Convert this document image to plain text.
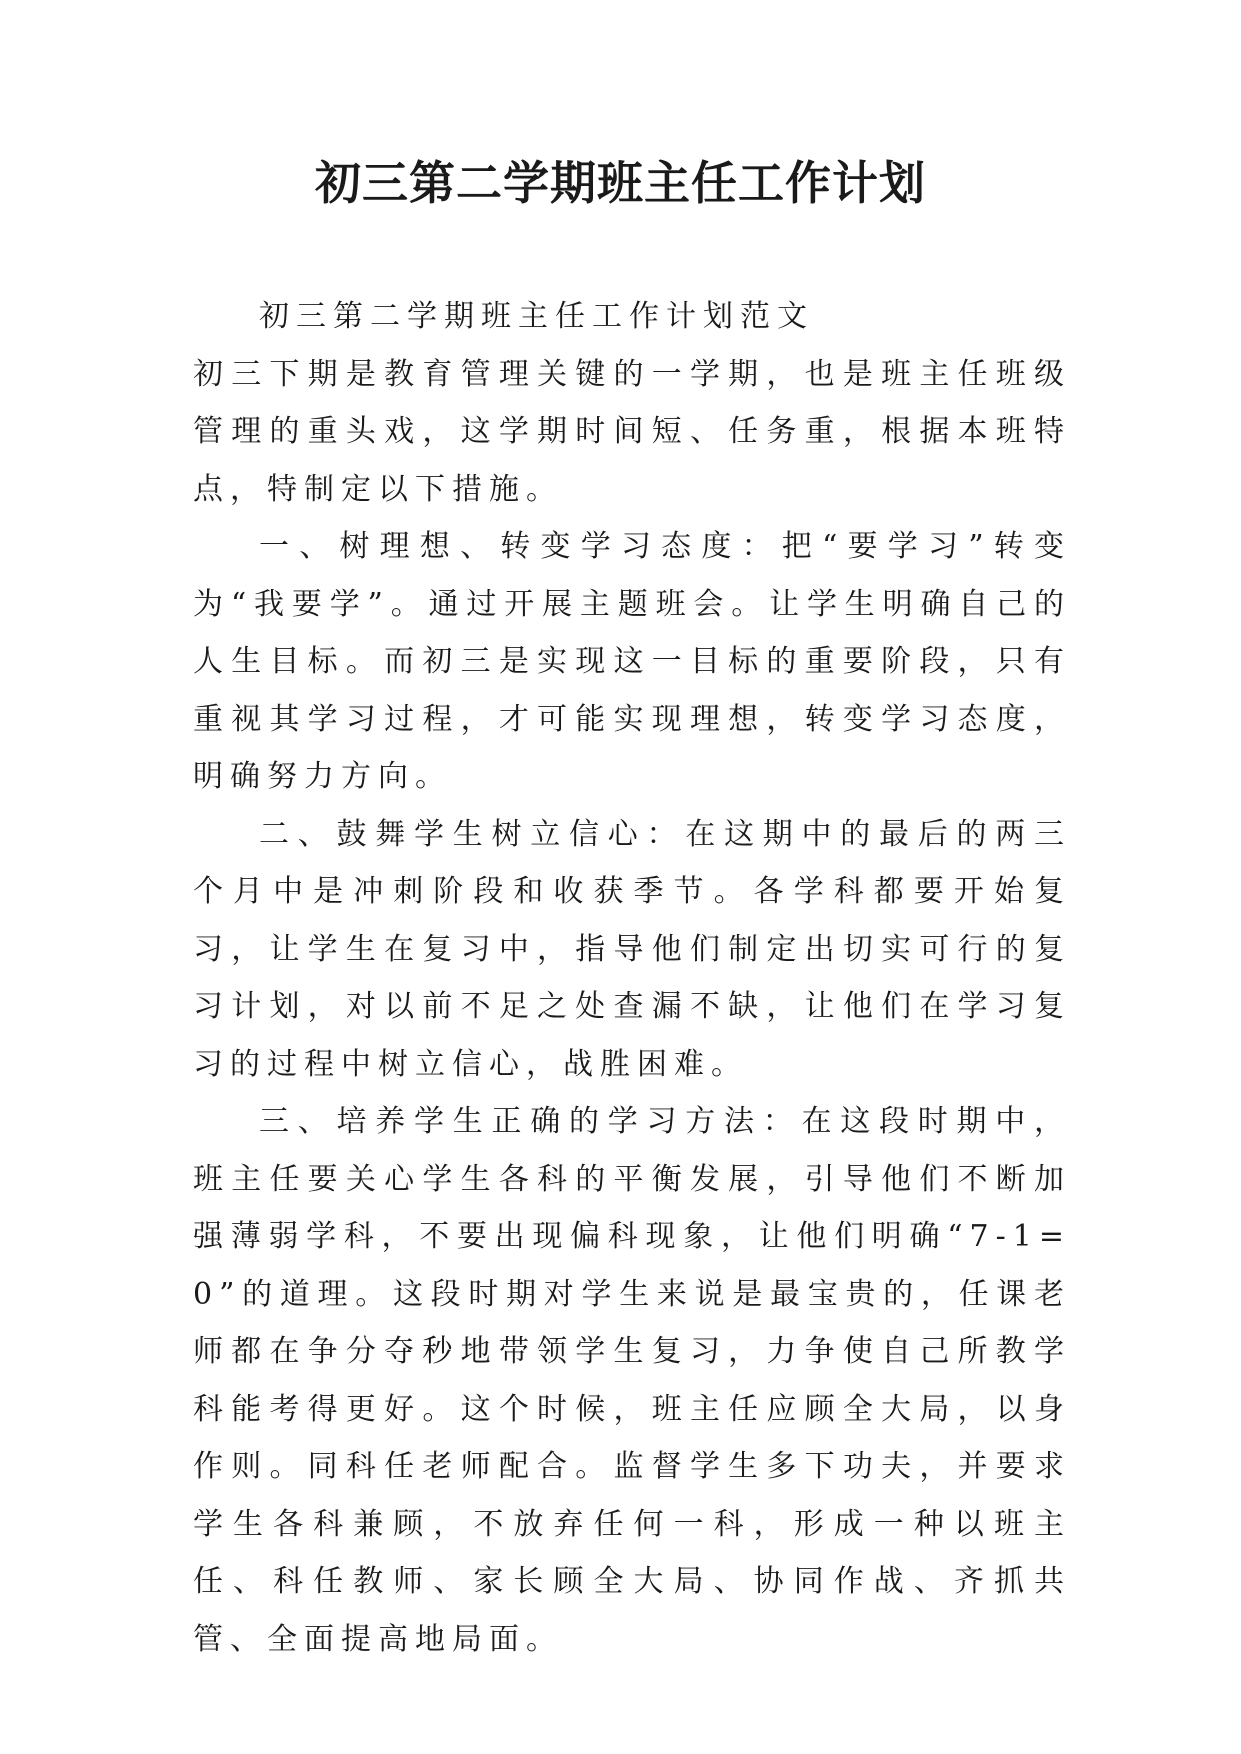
初三第二学期班主任工作计划

初三第二学期班主任工作计划范文

初三下期是教育管理关键的一学期，也是班主任班级管理的重头戏，这学期时间短、任务重，根据本班特点，特制定以下措施。

一、树理想、转变学习态度：把“要学习”转变为“我要学”。通过开展主题班会。让学生明确自己的人生目标。而初三是实现这一目标的重要阶段，只有重视其学习过程，才可能实现理想，转变学习态度，明确努力方向。

二、鼓舞学生树立信心：在这期中的最后的两三个月中是冲刺阶段和收获季节。各学科都要开始复习，让学生在复习中，指导他们制定出切实可行的复习计划，对以前不足之处查漏不缺，让他们在学习复习的过程中树立信心，战胜困难。

三、培养学生正确的学习方法：在这段时期中，班主任要关心学生各科的平衡发展，引导他们不断加强薄弱学科，不要出现偏科现象，让他们明确“7-1=0”的道理。这段时期对学生来说是最宝贵的，任课老师都在争分夺秒地带领学生复习，力争使自己所教学科能考得更好。这个时候，班主任应顾全大局，以身作则。同科任老师配合。监督学生多下功夫，并要求学生各科兼顾，不放弃任何一科，形成一种以班主任、科任教师、家长顾全大局、协同作战、齐抓共管、全面提高地局面。
